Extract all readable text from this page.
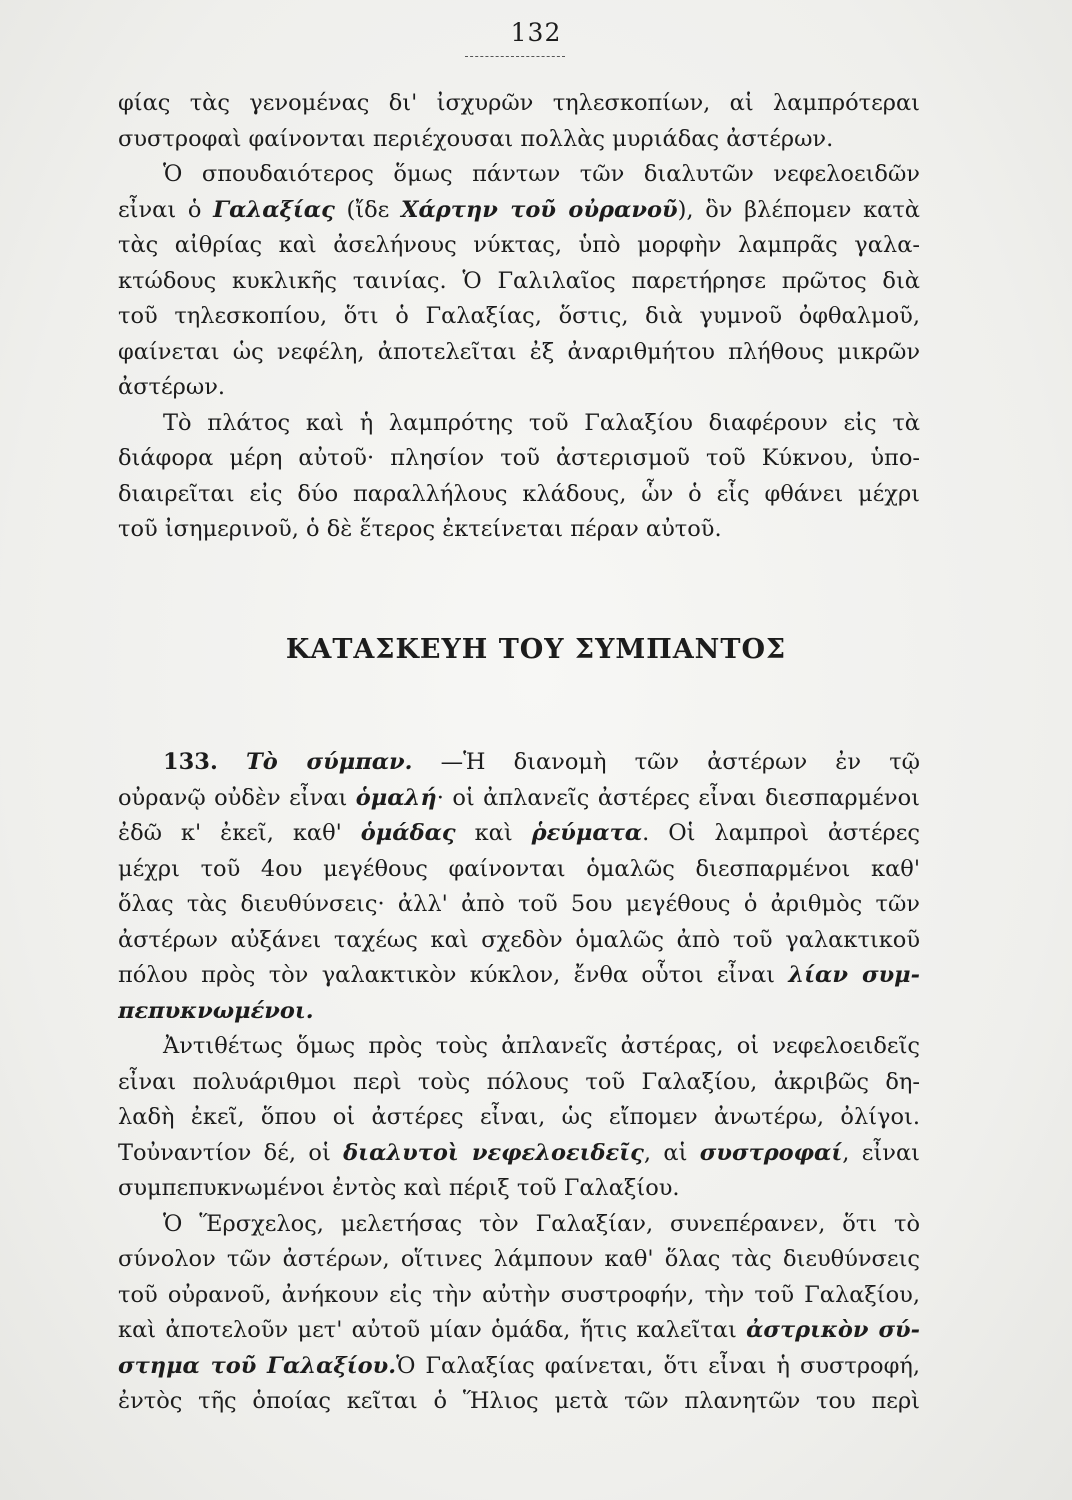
132
φίας τὰς γενομένας δι' ἰσχυρῶν τηλεσκοπίων, αἱ λαμπρότεραι
συστροφαὶ φαίνονται περιέχουσαι πολλὰς μυριάδας ἀστέρων.
Ὁ σπουδαιότερος ὅμως πάντων τῶν διαλυτῶν νεφελοειδῶν
εἶναι ὁ Γαλαξίας (ἴδε Χάρτην τοῦ οὐρανοῦ), ὃν βλέπομεν κατὰ
τὰς αἰθρίας καὶ ἀσελήνους νύκτας, ὑπὸ μορφὴν λαμπρᾶς γαλα-
κτώδους κυκλικῆς ταινίας. Ὁ Γαλιλαῖος παρετήρησε πρῶτος διὰ
τοῦ τηλεσκοπίου, ὅτι ὁ Γαλαξίας, ὅστις, διὰ γυμνοῦ ὀφθαλμοῦ,
φαίνεται ὡς νεφέλη, ἀποτελεῖται ἐξ ἀναριθμήτου πλήθους μικρῶν
ἀστέρων.
Τὸ πλάτος καὶ ἡ λαμπρότης τοῦ Γαλαξίου διαφέρουν εἰς τὰ
διάφορα μέρη αὐτοῦ· πλησίον τοῦ ἀστερισμοῦ τοῦ Κύκνου, ὑπο-
διαιρεῖται εἰς δύο παραλλήλους κλάδους, ὧν ὁ εἷς φθάνει μέχρι
τοῦ ἰσημερινοῦ, ὁ δὲ ἕτερος ἐκτείνεται πέραν αὐτοῦ.
ΚΑΤΑΣΚΕΥΗ ΤΟΥ ΣΥΜΠΑΝΤΟΣ
133. Τὸ σύμπαν. —Ἡ διανομὴ τῶν ἀστέρων ἐν τῷ
οὐρανῷ οὐδὲν εἶναι ὁμαλή· οἱ ἀπλανεῖς ἀστέρες εἶναι διεσπαρμένοι
ἐδῶ κ' ἐκεῖ, καθ' ὁμάδας καὶ ῥεύματα. Οἱ λαμπροὶ ἀστέρες
μέχρι τοῦ 4ου μεγέθους φαίνονται ὁμαλῶς διεσπαρμένοι καθ'
ὅλας τὰς διευθύνσεις· ἀλλ' ἀπὸ τοῦ 5ου μεγέθους ὁ ἀριθμὸς τῶν
ἀστέρων αὐξάνει ταχέως καὶ σχεδὸν ὁμαλῶς ἀπὸ τοῦ γαλακτικοῦ
πόλου πρὸς τὸν γαλακτικὸν κύκλον, ἔνθα οὗτοι εἶναι λίαν συμ-
πεπυκνωμένοι.
Ἀντιθέτως ὅμως πρὸς τοὺς ἀπλανεῖς ἀστέρας, οἱ νεφελοειδεῖς
εἶναι πολυάριθμοι περὶ τοὺς πόλους τοῦ Γαλαξίου, ἀκριβῶς δη-
λαδὴ ἐκεῖ, ὅπου οἱ ἀστέρες εἶναι, ὡς εἴπομεν ἀνωτέρω, ὀλίγοι.
Τοὐναντίον δέ, οἱ διαλυτοὶ νεφελοειδεῖς, αἱ συστροφαί, εἶναι
συμπεπυκνωμένοι ἐντὸς καὶ πέριξ τοῦ Γαλαξίου.
Ὁ Ἕρσχελος, μελετήσας τὸν Γαλαξίαν, συνεπέρανεν, ὅτι τὸ
σύνολον τῶν ἀστέρων, οἵτινες λάμπουν καθ' ὅλας τὰς διευθύνσεις
τοῦ οὐρανοῦ, ἀνήκουν εἰς τὴν αὐτὴν συστροφήν, τὴν τοῦ Γαλαξίου,
καὶ ἀποτελοῦν μετ' αὐτοῦ μίαν ὁμάδα, ἥτις καλεῖται ἀστρικὸν σύ-
στημα τοῦ Γαλαξίου.Ὁ Γαλαξίας φαίνεται, ὅτι εἶναι ἡ συστροφή,
ἐντὸς τῆς ὁποίας κεῖται ὁ Ἥλιος μετὰ τῶν πλανητῶν του περὶ
